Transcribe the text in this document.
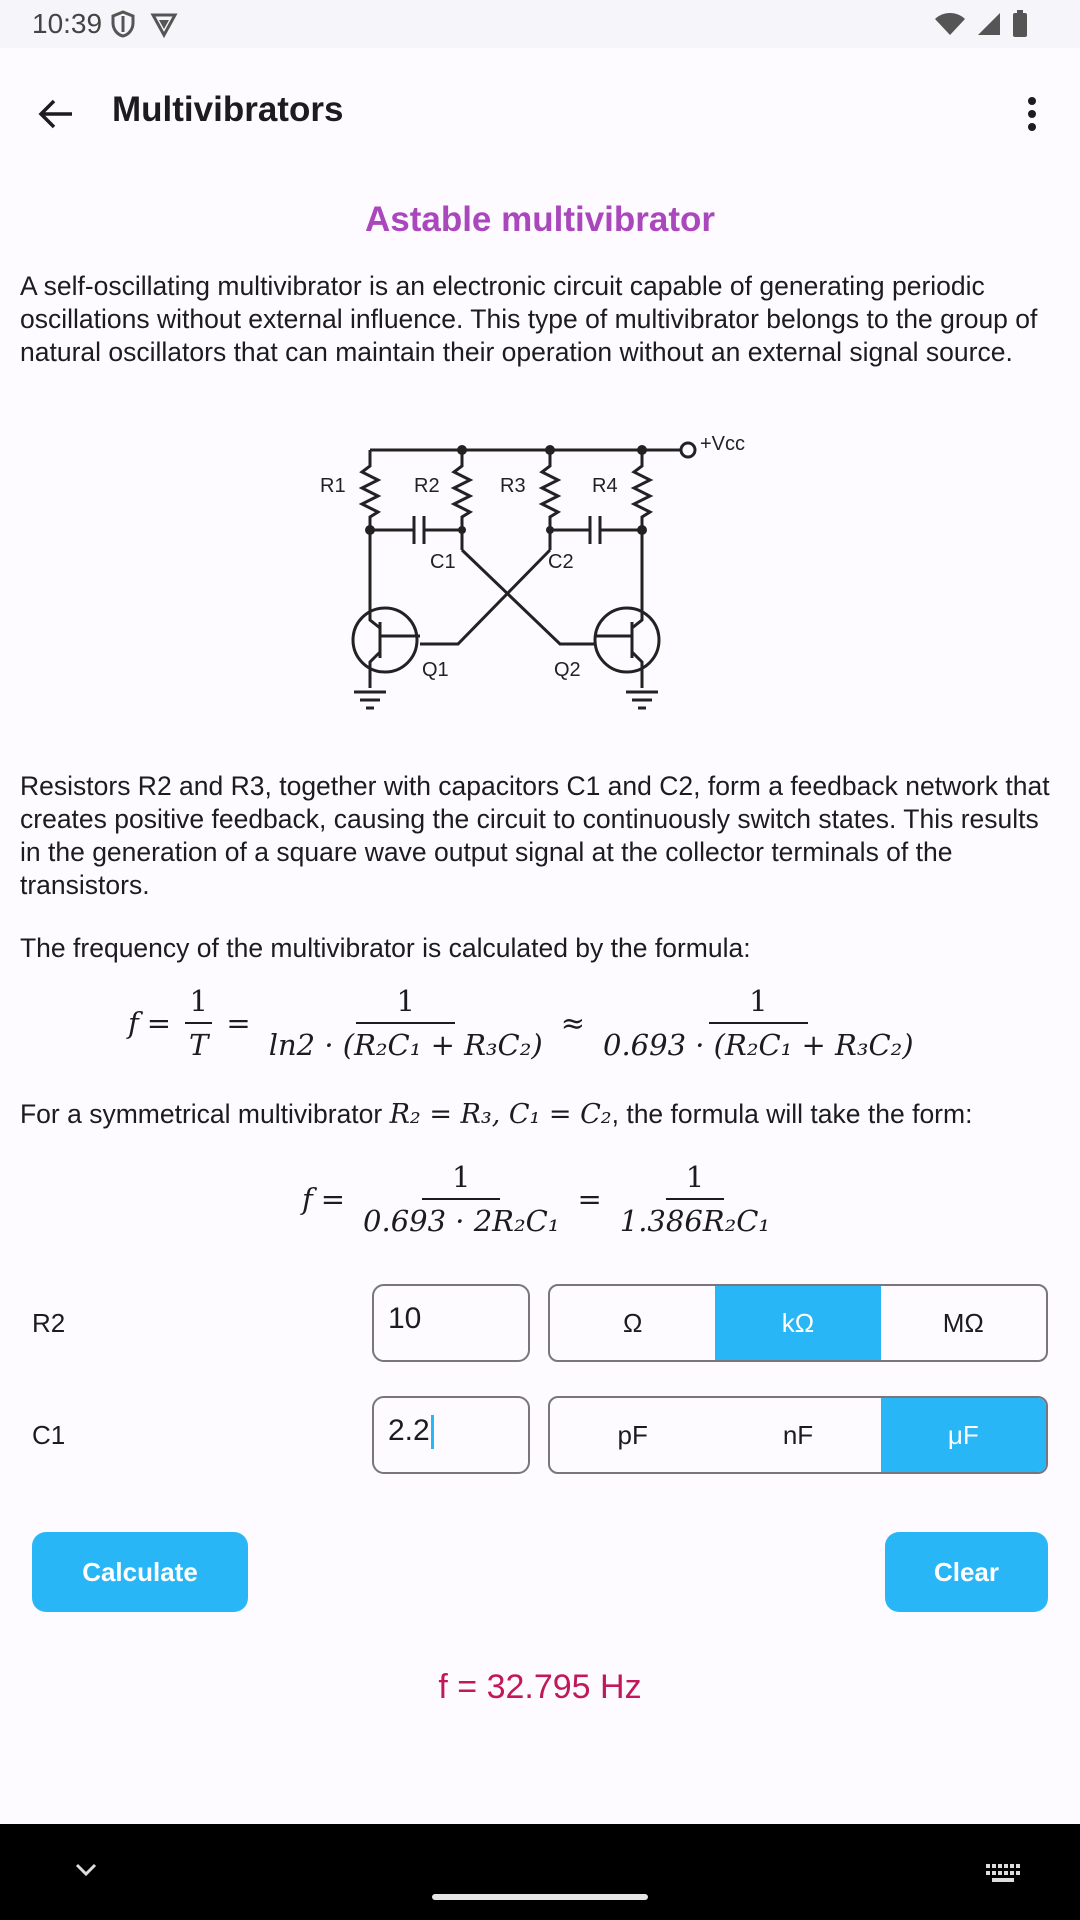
10:39
Multivibrators
Astable multivibrator
A self-oscillating multivibrator is an electronic circuit capable of generating periodic oscillations without external influence. This type of multivibrator belongs to the group of natural oscillators that can maintain their operation without an external signal source.
+Vcc
R1	R2	R3	R4
C1	C2
Q1	Q2
Resistors R2 and R3, together with capacitors C1 and C2, form a feedback network that creates positive feedback, causing the circuit to continuously switch states. This results in the generation of a square wave output signal at the collector terminals of the transistors.
The frequency of the multivibrator is calculated by the formula:
$f = \frac{1}{T} = \frac{1}{\text{ln2 · (R₂C₁ + R₃C₂)}} \approx \frac{1}{\text{0.693 · (R₂C₁ + R₃C₂)}}$
For a symmetrical multivibrator R₂ = R₃, C₁ = C₂, the formula will take the form:
$f = \frac{1}{\text{0.693 · 2R₂C₁}} = \frac{1}{\text{1.386R₂C₁}}$
R2	10	Ω	kΩ	MΩ
C1	2.2	pF	nF	μF
Calculate	Clear
f = 32.795 Hz
